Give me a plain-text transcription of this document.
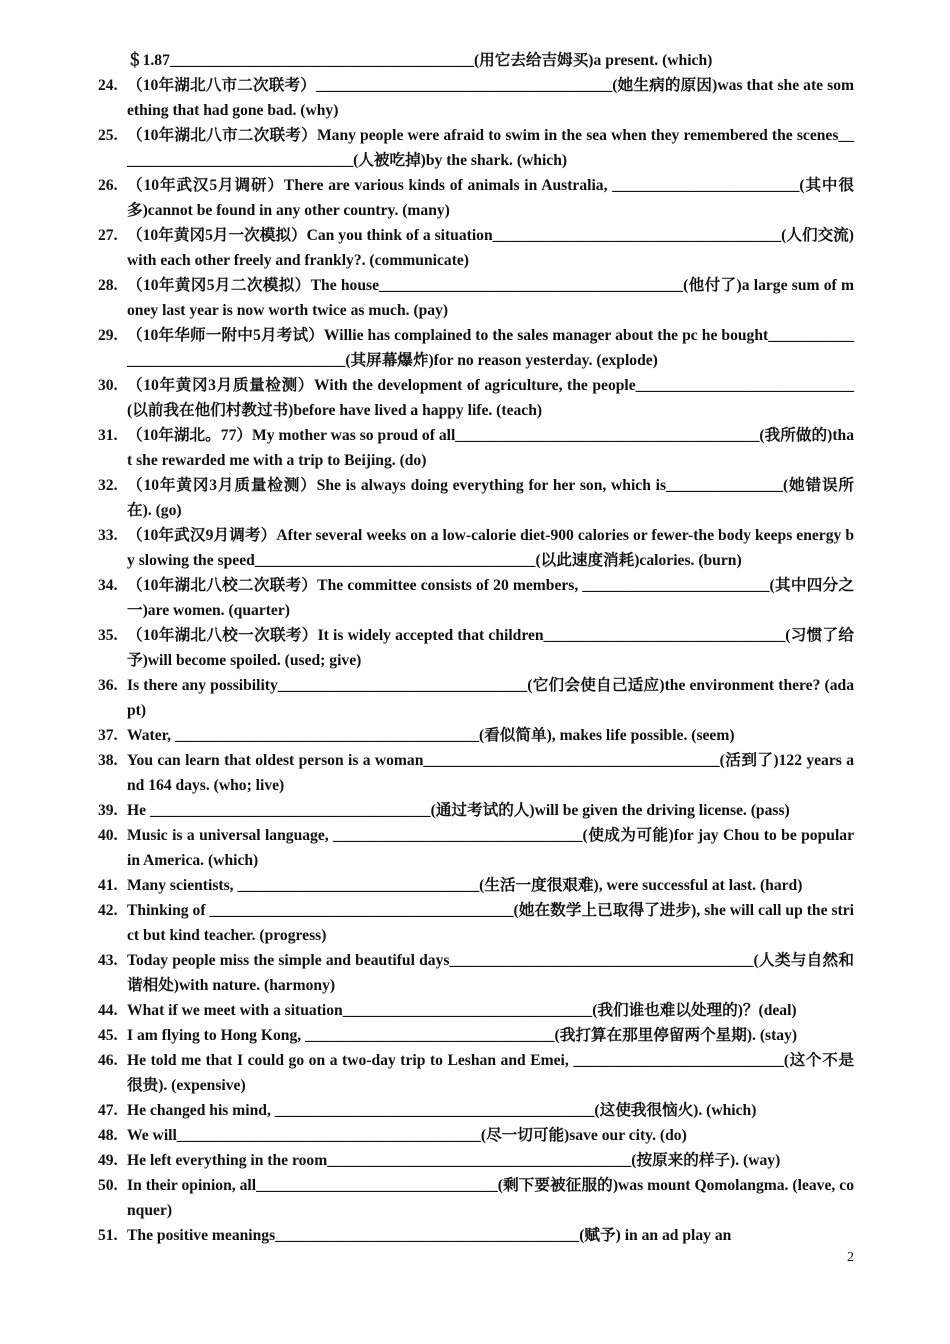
＄1.87_______________________________________(用它去给吉姆买)a present. (which)
24. （10年湖北八市二次联考）______________________________________(她生病的原因)was that she ate something that had gone bad. (why)
25. （10年湖北八市二次联考）Many people were afraid to swim in the sea when they remembered the scenes_______________________________(人被吃掉)by the shark. (which)
26. （10年武汉5月调研）There are various kinds of animals in Australia, ________________________(其中很多)cannot be found in any other country. (many)
27. （10年黄冈5月一次模拟）Can you think of a situation_____________________________________(人们交流)with each other freely and frankly?. (communicate)
28. （10年黄冈5月二次模拟）The house_______________________________________(他付了)a large sum of money last year is now worth twice as much. (pay)
29. （10年华师一附中5月考试）Willie has complained to the sales manager about the pc he bought_______________________________________(其屏幕爆炸)for no reason yesterday. (explode)
30. （10年黄冈3月质量检测）With the development of agriculture, the people____________________________(以前我在他们村教过书)before have lived a happy life. (teach)
31. （10年湖北。77）My mother was so proud of all_______________________________________(我所做的)that she rewarded me with a trip to Beijing. (do)
32. （10年黄冈3月质量检测）She is always doing everything for her son, which is_______________(她错误所在). (go)
33. （10年武汉9月调考）After several weeks on a low-calorie diet-900 calories or fewer-the body keeps energy by slowing the speed____________________________________(以此速度消耗)calories. (burn)
34. （10年湖北八校二次联考）The committee consists of 20 members, ________________________(其中四分之一)are women. (quarter)
35. （10年湖北八校一次联考）It is widely accepted that children_______________________________(习惯了给予)will become spoiled. (used; give)
36. Is there any possibility________________________________(它们会使自己适应)the environment there? (adapt)
37. Water, _______________________________________(看似简单), makes life possible. (seem)
38. You can learn that oldest person is a woman______________________________________(活到了)122 years and 164 days. (who; live)
39. He ____________________________________(通过考试的人)will be given the driving license. (pass)
40. Music is a universal language, ________________________________(使成为可能)for jay Chou to be popular in America. (which)
41. Many scientists, _______________________________(生活一度很艰难), were successful at last. (hard)
42. Thinking of _______________________________________(她在数学上已取得了进步), she will call up the strict but kind teacher. (progress)
43. Today people miss the simple and beautiful days_______________________________________(人类与自然和谐相处)with nature. (harmony)
44. What if we meet with a situation________________________________(我们谁也难以处理的)？(deal)
45. I am flying to Hong Kong, ________________________________(我打算在那里停留两个星期). (stay)
46. He told me that I could go on a two-day trip to Leshan and Emei, ___________________________(这个不是很贵). (expensive)
47. He changed his mind, _________________________________________(这使我很恼火). (which)
48. We will_______________________________________(尽一切可能)save our city. (do)
49. He left everything in the room_______________________________________(按原来的样子). (way)
50. In their opinion, all_______________________________(剩下要被征服的)was mount Qomolangma. (leave, conquer)
51. The positive meanings_______________________________________(赋予) in an ad play an
2
